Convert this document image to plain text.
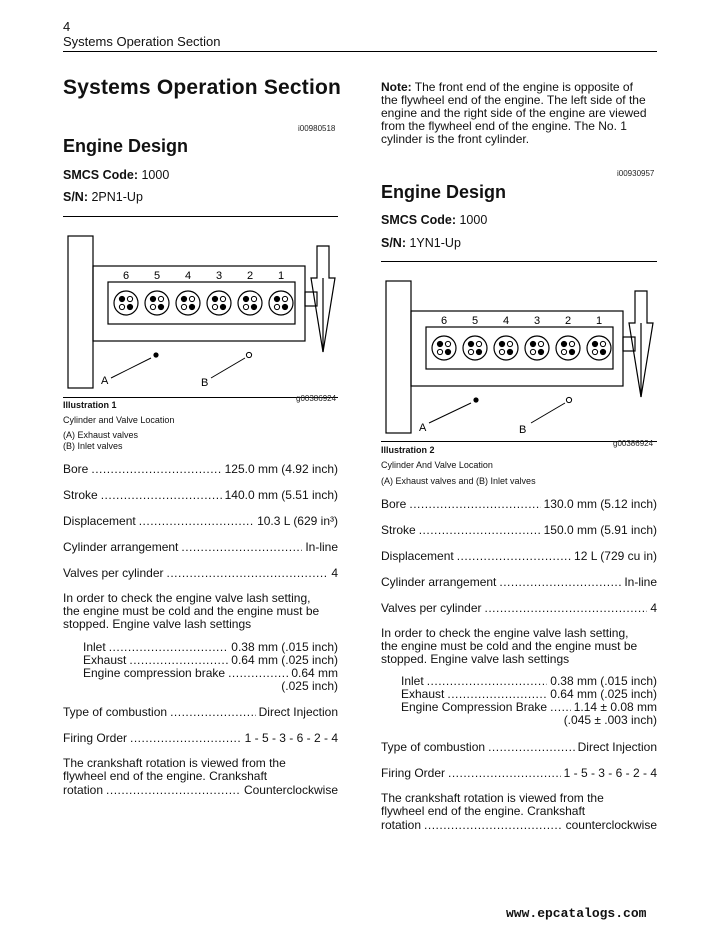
4
Systems Operation Section
Systems Operation Section
i00980518
Engine Design
SMCS Code: 1000
S/N: 2PN1-Up
6 5 4 3 2 1
A	B
Illustration 1
g00386924
Cylinder and Valve Location
(A) Exhaust valves
(B) Inlet valves
Bore .....	125.0 mm (4.92 inch)
Stroke .....	140.0 mm (5.51 inch)
Displacement .....	10.3 L (629 in³)
Cylinder arrangement .....	In-line
Valves per cylinder .....	4
In order to check the engine valve lash setting,
the engine must be cold and the engine must be
stopped. Engine valve lash settings
Inlet .....	0.38 mm (.015 inch)
Exhaust .....	0.64 mm (.025 inch)
Engine compression brake .....	0.64 mm
(.025 inch)
Type of combustion .....	Direct Injection
Firing Order .....	1 - 5 - 3 - 6 - 2 - 4
The crankshaft rotation is viewed from the
flywheel end of the engine. Crankshaft
rotation .....	Counterclockwise
Note: The front end of the engine is opposite of
the flywheel end of the engine. The left side of the
engine and the right side of the engine are viewed
from the flywheel end of the engine. The No. 1
cylinder is the front cylinder.
i00930957
Engine Design
SMCS Code: 1000
S/N: 1YN1-Up
6 5 4 3 2 1
A	B
Illustration 2
g00386924
Cylinder And Valve Location
(A) Exhaust valves and (B) Inlet valves
Bore .....	130.0 mm (5.12 inch)
Stroke .....	150.0 mm (5.91 inch)
Displacement .....	12 L (729 cu in)
Cylinder arrangement .....	In-line
Valves per cylinder .....	4
In order to check the engine valve lash setting,
the engine must be cold and the engine must be
stopped. Engine valve lash settings
Inlet .....	0.38 mm (.015 inch)
Exhaust .....	0.64 mm (.025 inch)
Engine Compression Brake ..... 1.14 ± 0.08 mm
(.045 ± .003 inch)
Type of combustion .....	Direct Injection
Firing Order .....	1 - 5 - 3 - 6 - 2 - 4
The crankshaft rotation is viewed from the
flywheel end of the engine. Crankshaft
rotation .....	counterclockwise
www.epcatalogs.com
